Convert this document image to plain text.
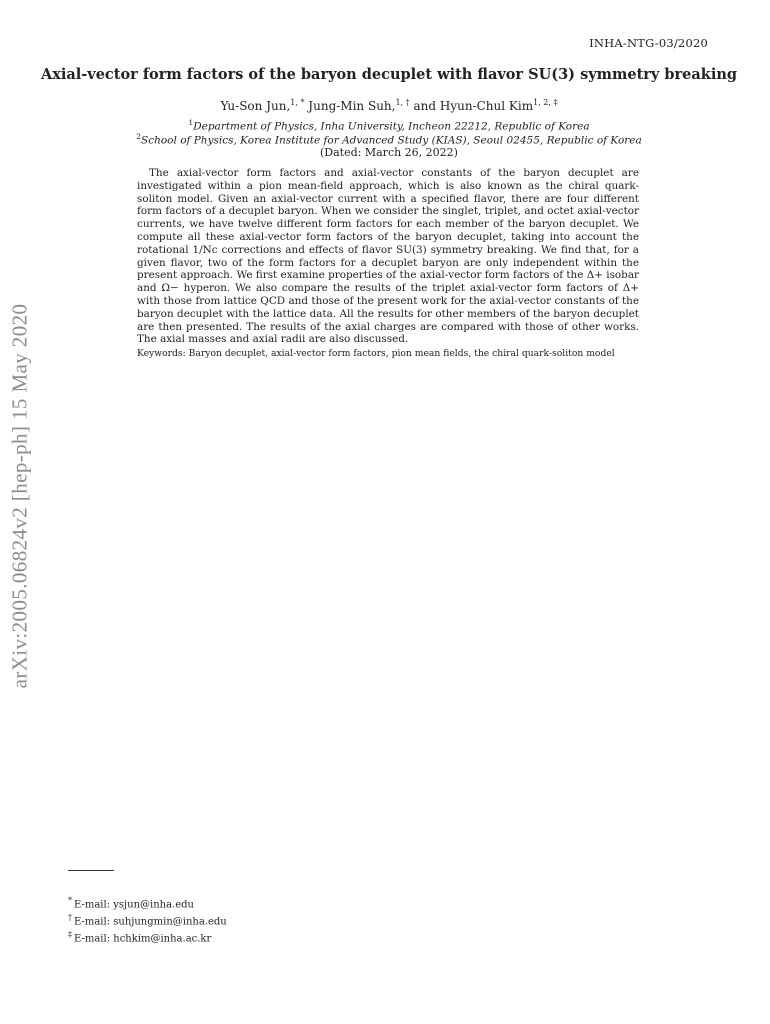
INHA-NTG-03/2020
Axial-vector form factors of the baryon decuplet with flavor SU(3) symmetry breaking
Yu-Son Jun,$^{1, *}$ Jung-Min Suh,$^{1, \dagger}$ and Hyun-Chul Kim$^{1, 2, \ddagger}$
$^1$Department of Physics, Inha University, Incheon 22212, Republic of Korea
$^2$School of Physics, Korea Institute for Advanced Study (KIAS), Seoul 02455, Republic of Korea
(Dated: March 26, 2022)

The axial-vector form factors and axial-vector constants of the baryon decuplet are investigated within a pion mean-field approach, which is also known as the chiral quark-soliton model. Given an axial-vector current with a specified flavor, there are four different form factors of a decuplet baryon. When we consider the singlet, triplet, and octet axial-vector currents, we have twelve different form factors for each member of the baryon decuplet. We compute all these axial-vector form factors of the baryon decuplet, taking into account the rotational 1/Nc corrections and effects of flavor SU(3) symmetry breaking. We find that, for a given flavor, two of the form factors for a decuplet baryon are only independent within the present approach. We first examine properties of the axial-vector form factors of the Δ+ isobar and Ω− hyperon. We also compare the results of the triplet axial-vector form factors of Δ+ with those from lattice QCD and those of the present work for the axial-vector constants of the baryon decuplet with the lattice data. All the results for other members of the baryon decuplet are then presented. The results of the axial charges are compared with those of other works. The axial masses and axial radii are also discussed.

Keywords: Baryon decuplet, axial-vector form factors, pion mean fields, the chiral quark-soliton model
arXiv:2005.06824v2 [hep-ph] 15 May 2020
* E-mail: ysjun@inha.edu
† E-mail: suhjungmin@inha.edu
‡ E-mail: hchkim@inha.ac.kr
